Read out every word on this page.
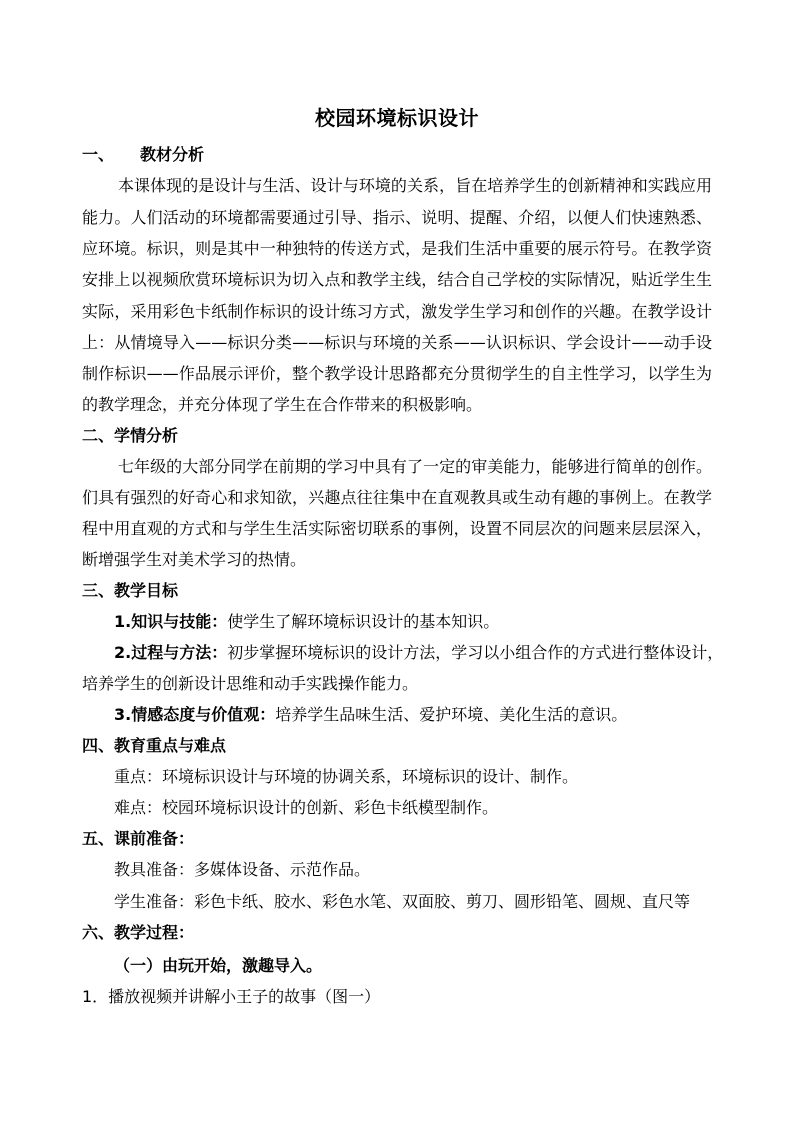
校园环境标识设计
一、 教材分析
本课体现的是设计与生活、设计与环境的关系，旨在培养学生的创新精神和实践应用
能力。人们活动的环境都需要通过引导、指示、说明、提醒、介绍，以便人们快速熟悉、
应环境。标识，则是其中一种独特的传送方式，是我们生活中重要的展示符号。在教学资
安排上以视频欣赏环境标识为切入点和教学主线，结合自己学校的实际情况，贴近学生生
实际，采用彩色卡纸制作标识的设计练习方式，激发学生学习和创作的兴趣。在教学设计
上：从情境导入——标识分类——标识与环境的关系——认识标识、学会设计——动手设
制作标识——作品展示评价，整个教学设计思路都充分贯彻学生的自主性学习，以学生为
的教学理念，并充分体现了学生在合作带来的积极影响。
二、学情分析
七年级的大部分同学在前期的学习中具有了一定的审美能力，能够进行简单的创作。
们具有强烈的好奇心和求知欲，兴趣点往往集中在直观教具或生动有趣的事例上。在教学
程中用直观的方式和与学生生活实际密切联系的事例，设置不同层次的问题来层层深入，
断增强学生对美术学习的热情。
三、教学目标
1.知识与技能：使学生了解环境标识设计的基本知识。
2.过程与方法：初步掌握环境标识的设计方法，学习以小组合作的方式进行整体设计，
培养学生的创新设计思维和动手实践操作能力。
3.情感态度与价值观：培养学生品味生活、爱护环境、美化生活的意识。
四、教育重点与难点
重点：环境标识设计与环境的协调关系，环境标识的设计、制作。
难点：校园环境标识设计的创新、彩色卡纸模型制作。
五、课前准备：
教具准备：多媒体设备、示范作品。
学生准备：彩色卡纸、胶水、彩色水笔、双面胶、剪刀、圆形铅笔、圆规、直尺等
六、教学过程：
（一）由玩开始，激趣导入。
1．播放视频并讲解小王子的故事（图一）
